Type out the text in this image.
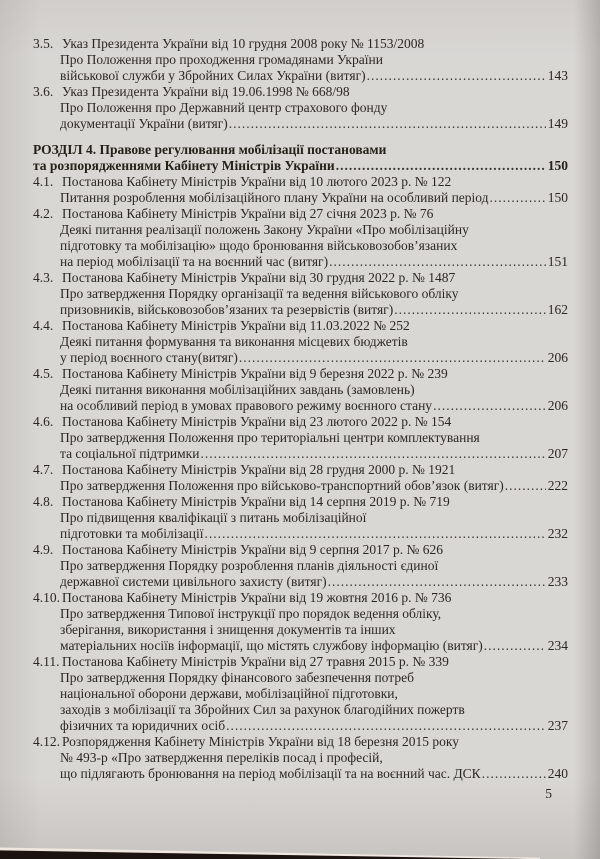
3.5. Указ Президента України від 10 грудня 2008 року № 1153/2008
Про Положення про проходження громадянами України
військової служби у Збройних Силах України (витяг) .....	143
3.6. Указ Президента України від 19.06.1998 № 668/98
Про Положення про Державний центр страхового фонду
документації України (витяг) .....	149
РОЗДІЛ 4. Правове регулювання мобілізації постановами
та розпорядженнями Кабінету Міністрів України .....	150
4.1. Постанова Кабінету Міністрів України від 10 лютого 2023 р. № 122
Питання розроблення мобілізаційного плану України на особливий період .....	150
4.2. Постанова Кабінету Міністрів України від 27 січня 2023 р. № 76
Деякі питання реалізації положень Закону України «Про мобілізаційну
підготовку та мобілізацію» щодо бронювання військовозобов’язаних
на період мобілізації та на воєнний час (витяг) .....	151
4.3. Постанова Кабінету Міністрів України від 30 грудня 2022 р. № 1487
Про затвердження Порядку організації та ведення військового обліку
призовників, військовозобов’язаних та резервістів (витяг) .....	162
4.4. Постанова Кабінету Міністрів України від 11.03.2022 № 252
Деякі питання формування та виконання місцевих бюджетів
у період воєнного стану(витяг) .....	206
4.5. Постанова Кабінету Міністрів України від 9 березня 2022 р. № 239
Деякі питання виконання мобілізаційних завдань (замовлень)
на особливий період в умовах правового режиму воєнного стану .....	206
4.6. Постанова Кабінету Міністрів України від 23 лютого 2022 р. № 154
Про затвердження Положення про територіальні центри комплектування
та соціальної підтримки .....	207
4.7. Постанова Кабінету Міністрів України від 28 грудня 2000 р. № 1921
Про затвердження Положення про військово-транспортний обов’язок (витяг) .....	222
4.8. Постанова Кабінету Міністрів України від 14 серпня 2019 р. № 719
Про підвищення кваліфікації з питань мобілізаційної
підготовки та мобілізації .....	232
4.9. Постанова Кабінету Міністрів України від 9 серпня 2017 р. № 626
Про затвердження Порядку розроблення планів діяльності єдиної
державної системи цивільного захисту (витяг) .....	233
4.10. Постанова Кабінету Міністрів України від 19 жовтня 2016 р. № 736
Про затвердження Типової інструкції про порядок ведення обліку,
зберігання, використання і знищення документів та інших
матеріальних носіїв інформації, що містять службову інформацію (витяг) .....	234
4.11. Постанова Кабінету Міністрів України від 27 травня 2015 р. № 339
Про затвердження Порядку фінансового забезпечення потреб
національної оборони держави, мобілізаційної підготовки,
заходів з мобілізації та Збройних Сил за рахунок благодійних пожертв
фізичних та юридичних осіб .....	237
4.12. Розпорядження Кабінету Міністрів України від 18 березня 2015 року
№ 493-р «Про затвердження переліків посад і професій,
що підлягають бронювання на період мобілізації та на воєнний час. ДСК .....	240
5
